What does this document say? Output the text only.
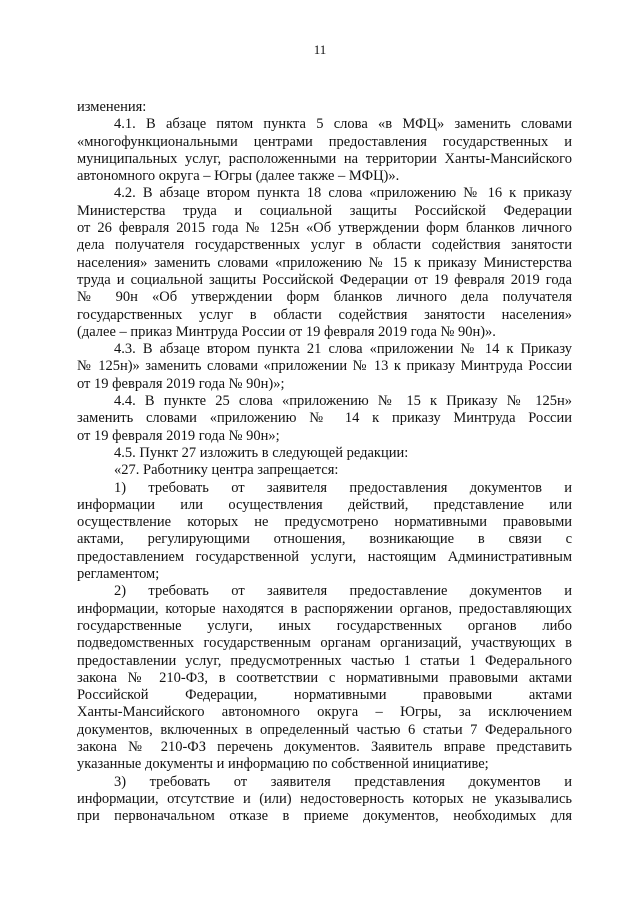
11
изменения:
4.1. В абзаце пятом пункта 5 слова «в МФЦ» заменить словами
«многофункциональными центрами предоставления государственных и
муниципальных услуг, расположенными на территории Ханты-Мансийского
автономного округа – Югры (далее также – МФЦ)».
4.2. В абзаце втором пункта 18 слова «приложению № 16 к приказу
Министерства труда и социальной защиты Российской Федерации
от 26 февраля 2015 года № 125н «Об утверждении форм бланков личного
дела получателя государственных услуг в области содействия занятости
населения» заменить словами «приложению № 15 к приказу Министерства
труда и социальной защиты Российской Федерации от 19 февраля 2019 года
№ 90н «Об утверждении форм бланков личного дела получателя
государственных услуг в области содействия занятости населения»
(далее – приказ Минтруда России от 19 февраля 2019 года № 90н)».
4.3. В абзаце втором пункта 21 слова «приложении № 14 к Приказу
№ 125н)» заменить словами «приложении № 13 к приказу Минтруда России
от 19 февраля 2019 года № 90н)»;
4.4. В пункте 25 слова «приложению № 15 к Приказу № 125н»
заменить словами «приложению № 14 к приказу Минтруда России
от 19 февраля 2019 года № 90н»;
4.5. Пункт 27 изложить в следующей редакции:
«27. Работнику центра запрещается:
1) требовать от заявителя предоставления документов и
информации или осуществления действий, представление или
осуществление которых не предусмотрено нормативными правовыми
актами, регулирующими отношения, возникающие в связи с
предоставлением государственной услуги, настоящим Административным
регламентом;
2) требовать от заявителя предоставление документов и
информации, которые находятся в распоряжении органов, предоставляющих
государственные услуги, иных государственных органов либо
подведомственных государственным органам организаций, участвующих в
предоставлении услуг, предусмотренных частью 1 статьи 1 Федерального
закона № 210-ФЗ, в соответствии с нормативными правовыми актами
Российской Федерации, нормативными правовыми актами
Ханты-Мансийского автономного округа – Югры, за исключением
документов, включенных в определенный частью 6 статьи 7 Федерального
закона № 210-ФЗ перечень документов. Заявитель вправе представить
указанные документы и информацию по собственной инициативе;
3) требовать от заявителя представления документов и
информации, отсутствие и (или) недостоверность которых не указывались
при первоначальном отказе в приеме документов, необходимых для
